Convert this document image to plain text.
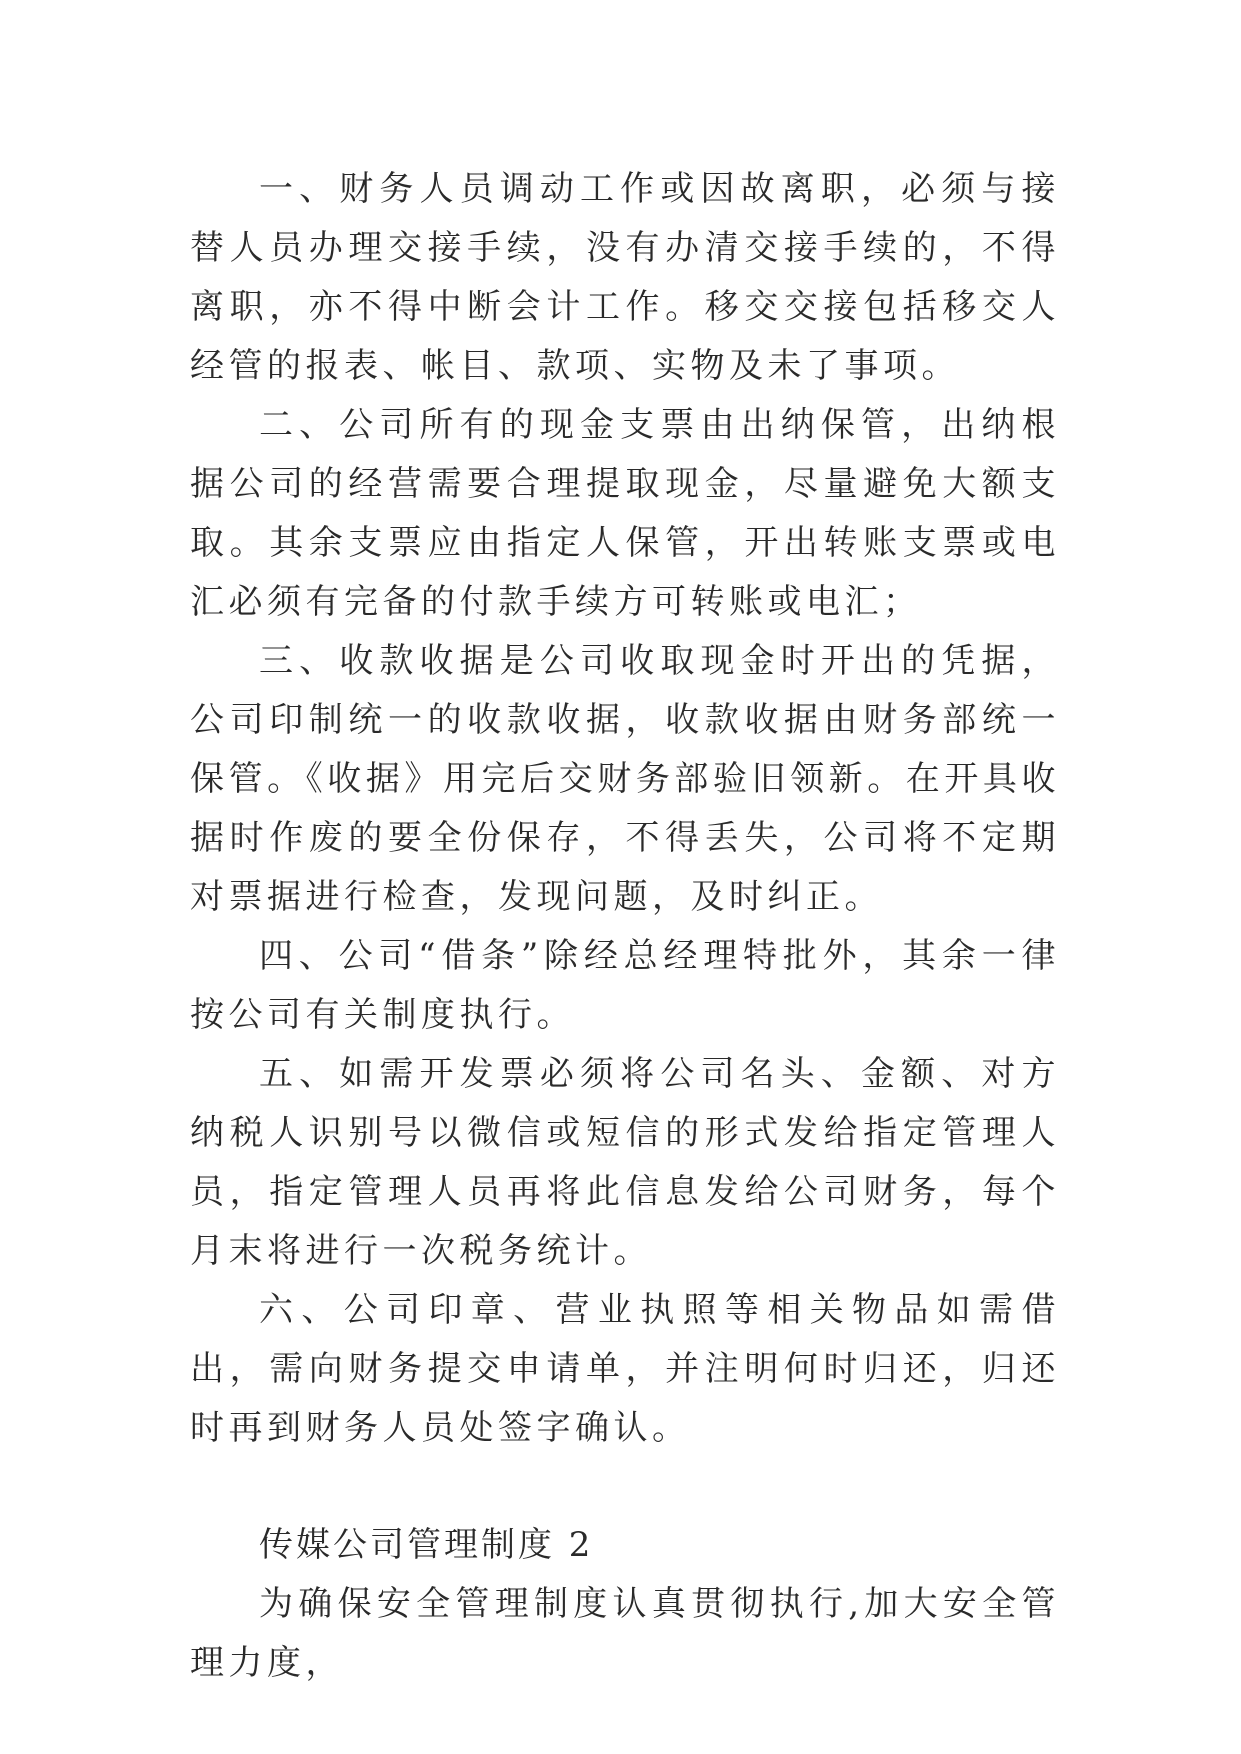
一、财务人员调动工作或因故离职，必须与接替人员办理交接手续，没有办清交接手续的，不得离职，亦不得中断会计工作。移交交接包括移交人经管的报表、帐目、款项、实物及未了事项。

二、公司所有的现金支票由出纳保管，出纳根据公司的经营需要合理提取现金，尽量避免大额支取。其余支票应由指定人保管，开出转账支票或电汇必须有完备的付款手续方可转账或电汇；

三、收款收据是公司收取现金时开出的凭据，公司印制统一的收款收据，收款收据由财务部统一保管。《收据》用完后交财务部验旧领新。在开具收据时作废的要全份保存，不得丢失，公司将不定期对票据进行检查，发现问题，及时纠正。

四、公司“借条”除经总经理特批外，其余一律按公司有关制度执行。

五、如需开发票必须将公司名头、金额、对方纳税人识别号以微信或短信的形式发给指定管理人员，指定管理人员再将此信息发给公司财务，每个月末将进行一次税务统计。

六、公司印章、营业执照等相关物品如需借出，需向财务提交申请单，并注明何时归还，归还时再到财务人员处签字确认。

传媒公司管理制度 2

为确保安全管理制度认真贯彻执行,加大安全管理力度，
